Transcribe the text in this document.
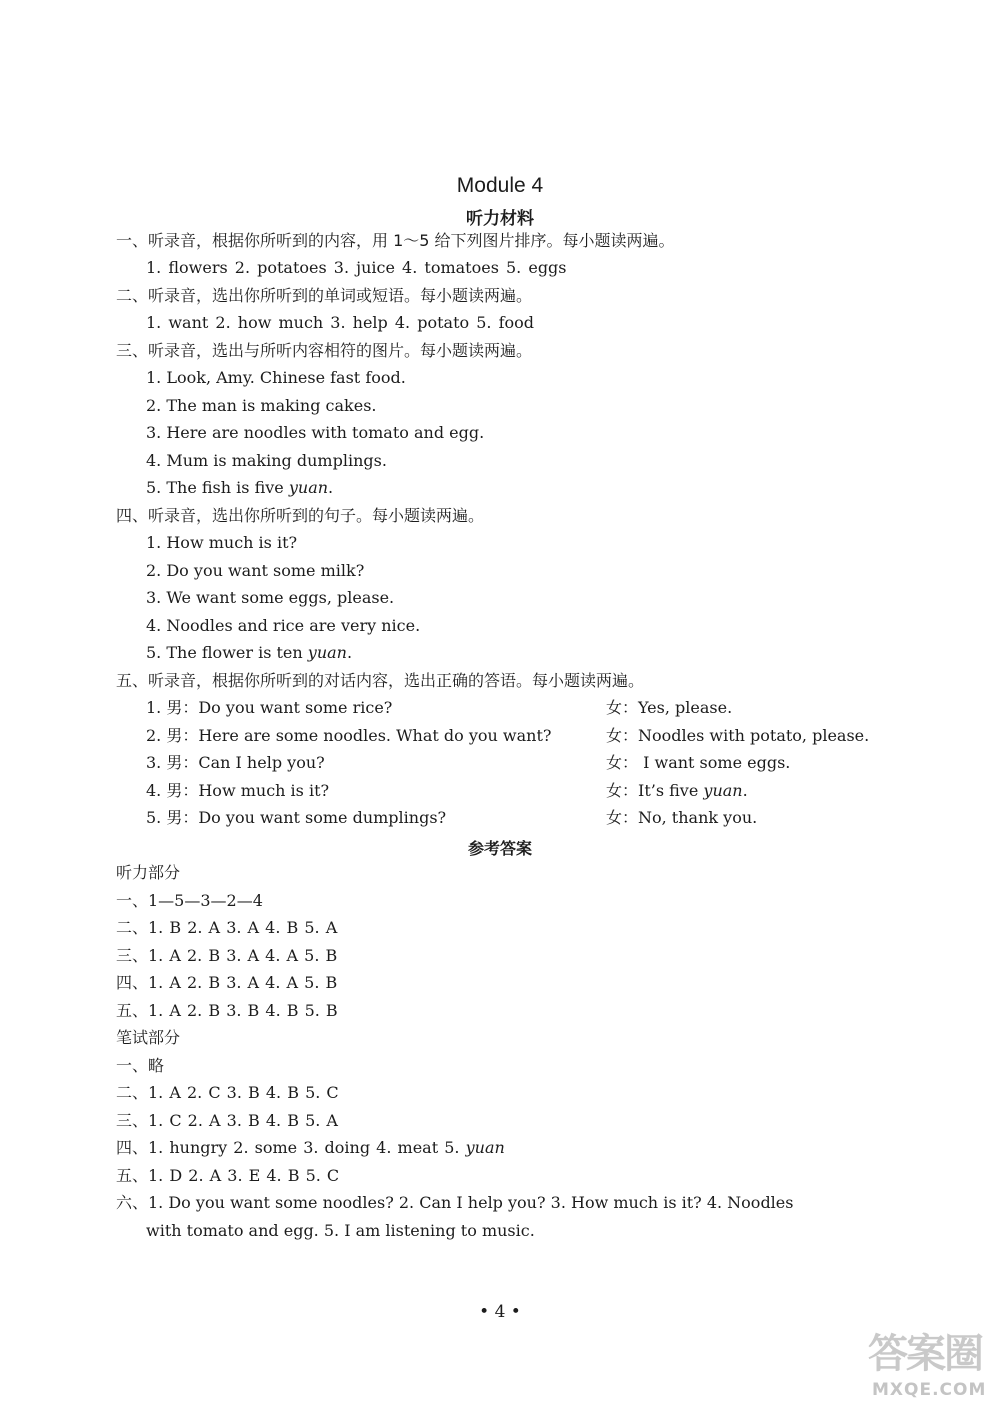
Module 4
听力材料
一、听录音，根据你所听到的内容，用 1～5 给下列图片排序。每小题读两遍。
1. flowers 2. potatoes 3. juice 4. tomatoes 5. eggs
二、听录音，选出你所听到的单词或短语。每小题读两遍。
1. want 2. how much 3. help 4. potato 5. food
三、听录音，选出与所听内容相符的图片。每小题读两遍。
1. Look, Amy. Chinese fast food.
2. The man is making cakes.
3. Here are noodles with tomato and egg.
4. Mum is making dumplings.
5. The fish is five yuan.
四、听录音，选出你所听到的句子。每小题读两遍。
1. How much is it?
2. Do you want some milk?
3. We want some eggs, please.
4. Noodles and rice are very nice.
5. The flower is ten yuan.
五、听录音，根据你所听到的对话内容，选出正确的答语。每小题读两遍。
1. 男：Do you want some rice?	女：Yes, please.
2. 男：Here are some noodles. What do you want?	女：Noodles with potato, please.
3. 男：Can I help you?	女： I want some eggs.
4. 男：How much is it?	女：It’s five yuan.
5. 男：Do you want some dumplings?	女：No, thank you.
参考答案
听力部分
一、1—5—3—2—4
二、1. B 2. A 3. A 4. B 5. A
三、1. A 2. B 3. A 4. A 5. B
四、1. A 2. B 3. A 4. A 5. B
五、1. A 2. B 3. B 4. B 5. B
笔试部分
一、略
二、1. A 2. C 3. B 4. B 5. C
三、1. C 2. A 3. B 4. B 5. A
四、1. hungry 2. some 3. doing 4. meat 5. yuan
五、1. D 2. A 3. E 4. B 5. C
六、1. Do you want some noodles? 2. Can I help you? 3. How much is it? 4. Noodles
with tomato and egg. 5. I am listening to music.
• 4 •
答案圈
MXQE.COM
